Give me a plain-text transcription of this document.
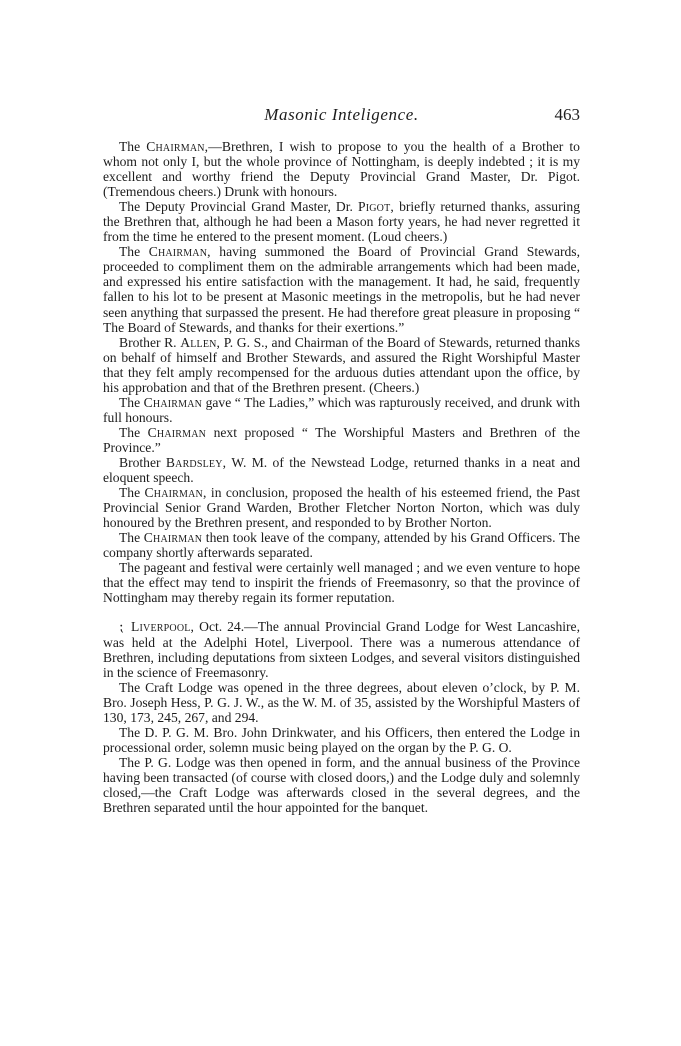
Masonic Inteligence.	463

The Chairman,—Brethren, I wish to propose to you the health of a Brother to whom not only I, but the whole province of Nottingham, is deeply indebted ; it is my excellent and worthy friend the Deputy Provincial Grand Master, Dr. Pigot. (Tremendous cheers.) Drunk with honours.

The Deputy Provincial Grand Master, Dr. Pigot, briefly returned thanks, assuring the Brethren that, although he had been a Mason forty years, he had never regretted it from the time he entered to the present moment. (Loud cheers.)

The Chairman, having summoned the Board of Provincial Grand Stewards, proceeded to compliment them on the admirable arrangements which had been made, and expressed his entire satisfaction with the management. It had, he said, frequently fallen to his lot to be present at Masonic meetings in the metropolis, but he had never seen anything that surpassed the present. He had therefore great pleasure in proposing “ The Board of Stewards, and thanks for their exertions.”

Brother R. Allen, P. G. S., and Chairman of the Board of Stewards, returned thanks on behalf of himself and Brother Stewards, and assured the Right Worshipful Master that they felt amply recompensed for the arduous duties attendant upon the office, by his approbation and that of the Brethren present. (Cheers.)

The Chairman gave “ The Ladies,” which was rapturously received, and drunk with full honours.

The Chairman next proposed “ The Worshipful Masters and Brethren of the Province.”

Brother Bardsley, W. M. of the Newstead Lodge, returned thanks in a neat and eloquent speech.

The Chairman, in conclusion, proposed the health of his esteemed friend, the Past Provincial Senior Grand Warden, Brother Fletcher Norton Norton, which was duly honoured by the Brethren present, and responded to by Brother Norton.

The Chairman then took leave of the company, attended by his Grand Officers. The company shortly afterwards separated.

The pageant and festival were certainly well managed ; and we even venture to hope that the effect may tend to inspirit the friends of Freemasonry, so that the province of Nottingham may thereby regain its former reputation.

⁏ Liverpool, Oct. 24.—The annual Provincial Grand Lodge for West Lancashire, was held at the Adelphi Hotel, Liverpool. There was a numerous attendance of Brethren, including deputations from sixteen Lodges, and several visitors distinguished in the science of Freemasonry.

The Craft Lodge was opened in the three degrees, about eleven o’clock, by P. M. Bro. Joseph Hess, P. G. J. W., as the W. M. of 35, assisted by the Worshipful Masters of 130, 173, 245, 267, and 294.

The D. P. G. M. Bro. John Drinkwater, and his Officers, then entered the Lodge in processional order, solemn music being played on the organ by the P. G. O.

The P. G. Lodge was then opened in form, and the annual business of the Province having been transacted (of course with closed doors,) and the Lodge duly and solemnly closed,—the Craft Lodge was afterwards closed in the several degrees, and the Brethren separated until the hour appointed for the banquet.
